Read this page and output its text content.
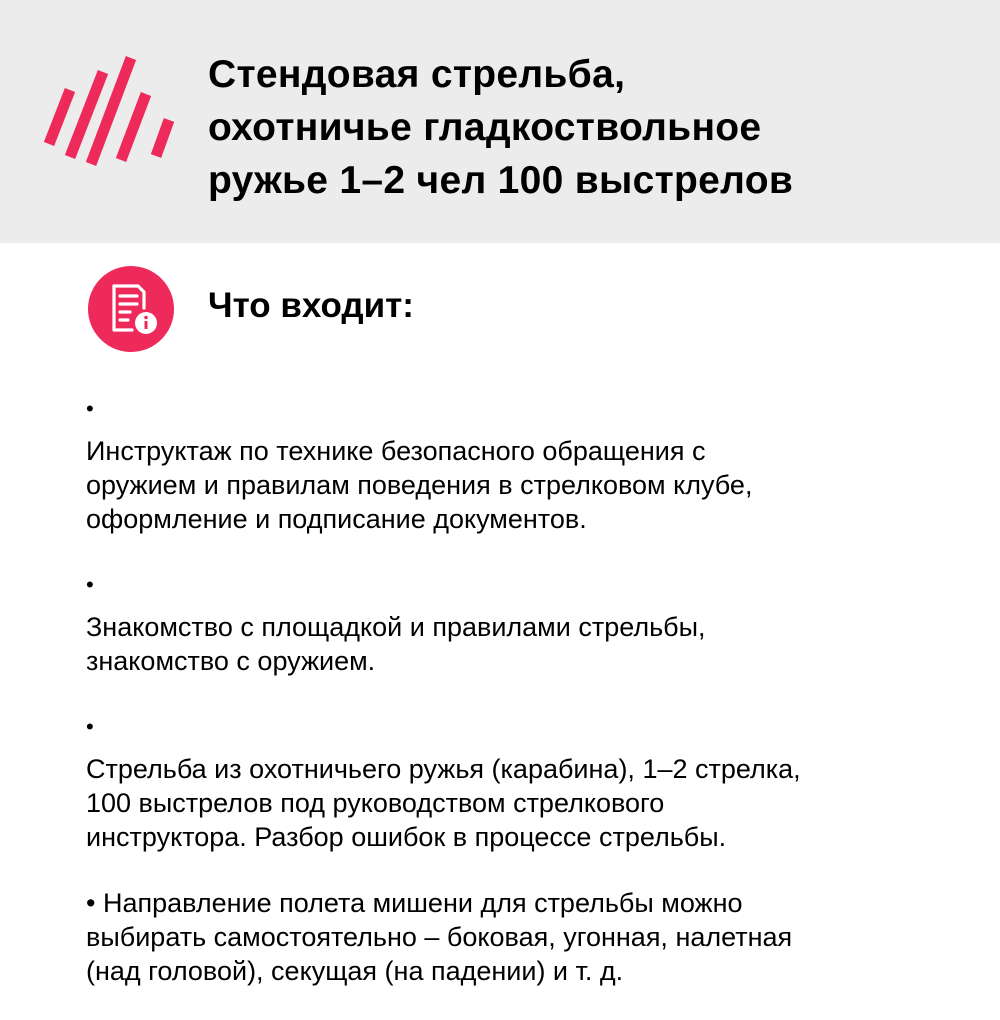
Стендовая стрельба,
охотничье гладкоствольное
ружье 1–2 чел 100 выстрелов
Что входит:
•
Инструктаж по технике безопасного обращения с
оружием и правилам поведения в стрелковом клубе,
оформление и подписание документов.
•
Знакомство с площадкой и правилами стрельбы,
знакомство с оружием.
•
Стрельба из охотничьего ружья (карабина), 1–2 стрелка,
100 выстрелов под руководством стрелкового
инструктора. Разбор ошибок в процессе стрельбы.
• Направление полета мишени для стрельбы можно
выбирать самостоятельно – боковая, угонная, налетная
(над головой), секущая (на падении) и т. д.
